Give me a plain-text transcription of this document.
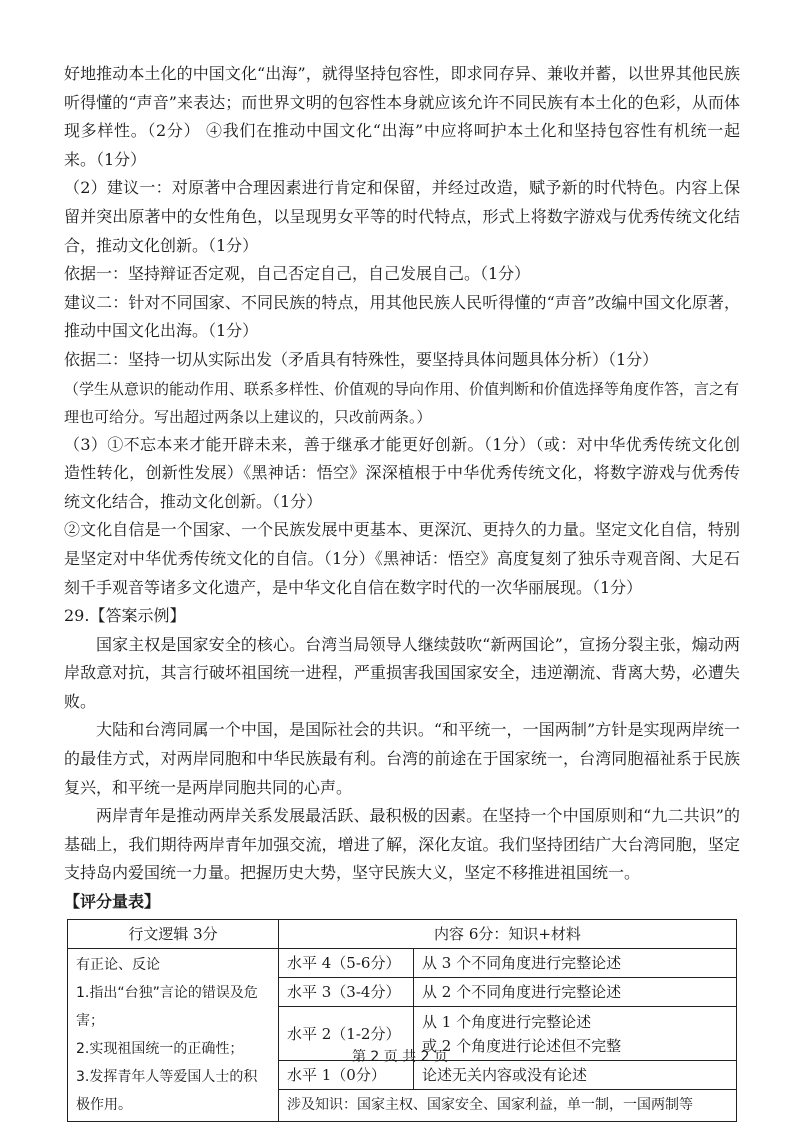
好地推动本土化的中国文化“出海”，就得坚持包容性，即求同存异、兼收并蓄，以世界其他民族听得懂的“声音”来表达；而世界文明的包容性本身就应该允许不同民族有本土化的色彩，从而体现多样性。（2分） ④我们在推动中国文化“出海”中应将呵护本土化和坚持包容性有机统一起来。（1分）

（2）建议一：对原著中合理因素进行肯定和保留，并经过改造，赋予新的时代特色。内容上保留并突出原著中的女性角色，以呈现男女平等的时代特点，形式上将数字游戏与优秀传统文化结合，推动文化创新。（1分）

依据一：坚持辩证否定观，自己否定自己，自己发展自己。（1分）

建议二：针对不同国家、不同民族的特点，用其他民族人民听得懂的“声音”改编中国文化原著，推动中国文化出海。（1分）

依据二：坚持一切从实际出发（矛盾具有特殊性，要坚持具体问题具体分析）（1分）

（学生从意识的能动作用、联系多样性、价值观的导向作用、价值判断和价值选择等角度作答，言之有理也可给分。写出超过两条以上建议的，只改前两条。）

（3）①不忘本来才能开辟未来，善于继承才能更好创新。（1分）（或：对中华优秀传统文化创造性转化，创新性发展）《黑神话：悟空》深深植根于中华优秀传统文化，将数字游戏与优秀传统文化结合，推动文化创新。（1分）

②文化自信是一个国家、一个民族发展中更基本、更深沉、更持久的力量。坚定文化自信，特别是坚定对中华优秀传统文化的自信。（1分）《黑神话：悟空》高度复刻了独乐寺观音阁、大足石刻千手观音等诸多文化遗产，是中华文化自信在数字时代的一次华丽展现。（1分）

29.【答案示例】

国家主权是国家安全的核心。台湾当局领导人继续鼓吹“新两国论”，宣扬分裂主张，煽动两岸敌意对抗，其言行破坏祖国统一进程，严重损害我国国家安全，违逆潮流、背离大势，必遭失败。

大陆和台湾同属一个中国，是国际社会的共识。“和平统一，一国两制”方针是实现两岸统一的最佳方式，对两岸同胞和中华民族最有利。台湾的前途在于国家统一，台湾同胞福祉系于民族复兴，和平统一是两岸同胞共同的心声。

两岸青年是推动两岸关系发展最活跃、最积极的因素。在坚持一个中国原则和“九二共识”的基础上，我们期待两岸青年加强交流，增进了解，深化友谊。我们坚持团结广大台湾同胞，坚定支持岛内爱国统一力量。把握历史大势，坚守民族大义，坚定不移推进祖国统一。

【评分量表】

行文逻辑 3分	内容 6分：知识+材料	

有正论、反论
1.指出“台独”言论的错误及危害；
2.实现祖国统一的正确性；
3.发挥青年人等爱国人士的积极作用。	水平 4（5-6分）	从 3 个不同角度进行完整论述
	水平 3（3-4分）	从 2 个不同角度进行完整论述
	水平 2（1-2分）	从 1 个角度进行完整论述
或 2 个角度进行论述但不完整

	水平 1（0分）	论述无关内容或没有论述
	涉及知识：国家主权、国家安全、国家利益，单一制，一国两制等	
第 2 页 共 2 页
